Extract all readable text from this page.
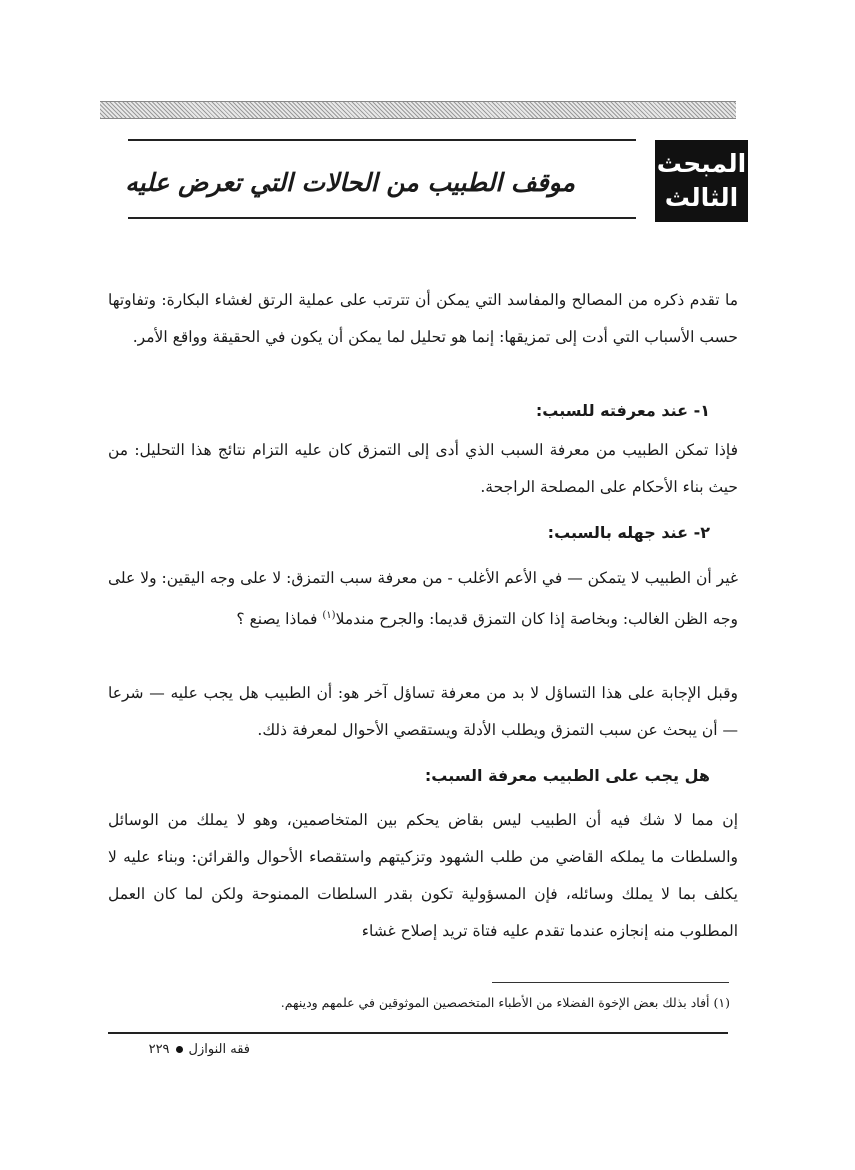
المبحث
الثالث
موقف الطبيب من الحالات التي تعرض عليه

ما تقدم ذكره من المصالح والمفاسد التي يمكن أن تترتب على عملية الرتق لغشاء البكارة: وتفاوتها حسب الأسباب التي أدت إلى تمزيقها: إنما هو تحليل لما يمكن أن يكون في الحقيقة وواقع الأمر.

١- عند معرفته للسبب:

فإذا تمكن الطبيب من معرفة السبب الذي أدى إلى التمزق كان عليه التزام نتائج هذا التحليل: من حيث بناء الأحكام على المصلحة الراجحة.

٢- عند جهله بالسبب:

غير أن الطبيب لا يتمكن — في الأعم الأغلب - من معرفة سبب التمزق: لا على وجه اليقين: ولا على وجه الظن الغالب: وبخاصة إذا كان التمزق قديما: والجرح مندملا$^{(١)}$ فماذا يصنع ؟

وقبل الإجابة على هذا التساؤل لا بد من معرفة تساؤل آخر هو: أن الطبيب هل يجب عليه — شرعا — أن يبحث عن سبب التمزق ويطلب الأدلة ويستقصي الأحوال لمعرفة ذلك.

هل يجب على الطبيب معرفة السبب:

إن مما لا شك فيه أن الطبيب ليس بقاض يحكم بين المتخاصمين، وهو لا يملك من الوسائل والسلطات ما يملكه القاضي من طلب الشهود وتزكيتهم واستقصاء الأحوال والقرائن: وبناء عليه لا يكلف بما لا يملك وسائله، فإن المسؤولية تكون بقدر السلطات الممنوحة ولكن لما كان العمل المطلوب منه إنجازه عندما تقدم عليه فتاة تريد إصلاح غشاء

(١) أفاد بذلك بعض الإخوة الفضلاء من الأطباء المتخصصين الموثوقين في علمهم ودينهم.
فقه النوازل٢٢٩
